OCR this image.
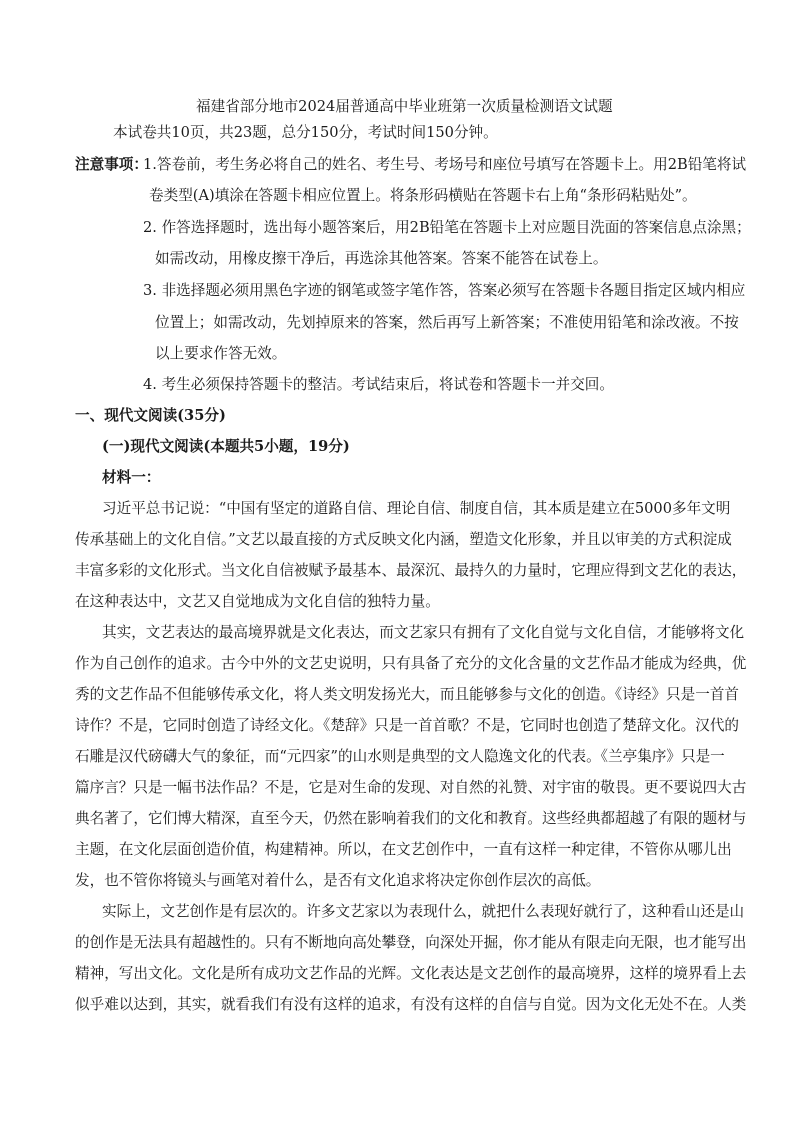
福建省部分地市2024届普通高中毕业班第一次质量检测语文试题
本试卷共10页，共23题，总分150分，考试时间150分钟。
注意事项：
1.答卷前，考生务必将自己的姓名、考生号、考场号和座位号填写在答题卡上。用2B铅笔将试
卷类型(A)填涂在答题卡相应位置上。将条形码横贴在答题卡右上角“条形码粘贴处”。
2. 作答选择题时，选出每小题答案后，用2B铅笔在答题卡上对应题目洗面的答案信息点涂黑；
如需改动，用橡皮擦干净后，再选涂其他答案。答案不能答在试卷上。
3. 非选择题必须用黑色字迹的钢笔或签字笔作答，答案必须写在答题卡各题目指定区域内相应
位置上；如需改动，先划掉原来的答案，然后再写上新答案；不准使用铅笔和涂改液。不按
以上要求作答无效。
4. 考生必须保持答题卡的整洁。考试结束后，将试卷和答题卡一并交回。
一、现代文阅读(35分)
(一)现代文阅读(本题共5小题，19分)
材料一：
习近平总书记说：“中国有坚定的道路自信、理论自信、制度自信，其本质是建立在5000多年文明
传承基础上的文化自信。”文艺以最直接的方式反映文化内涵，塑造文化形象，并且以审美的方式积淀成
丰富多彩的文化形式。当文化自信被赋予最基本、最深沉、最持久的力量时，它理应得到文艺化的表达，
在这种表达中，文艺又自觉地成为文化自信的独特力量。
其实，文艺表达的最高境界就是文化表达，而文艺家只有拥有了文化自觉与文化自信，才能够将文化
作为自己创作的追求。古今中外的文艺史说明，只有具备了充分的文化含量的文艺作品才能成为经典，优
秀的文艺作品不但能够传承文化，将人类文明发扬光大，而且能够参与文化的创造。《诗经》只是一首首
诗作？不是，它同时创造了诗经文化。《楚辞》只是一首首歌？不是，它同时也创造了楚辞文化。汉代的
石雕是汉代磅礴大气的象征，而“元四家”的山水则是典型的文人隐逸文化的代表。《兰亭集序》只是一
篇序言？只是一幅书法作品？不是，它是对生命的发现、对自然的礼赞、对宇宙的敬畏。更不要说四大古
典名著了，它们博大精深，直至今天，仍然在影响着我们的文化和教育。这些经典都超越了有限的题材与
主题，在文化层面创造价值，构建精神。所以，在文艺创作中，一直有这样一种定律，不管你从哪儿出
发，也不管你将镜头与画笔对着什么，是否有文化追求将决定你创作层次的高低。
实际上，文艺创作是有层次的。许多文艺家以为表现什么，就把什么表现好就行了，这种看山还是山
的创作是无法具有超越性的。只有不断地向高处攀登，向深处开掘，你才能从有限走向无限，也才能写出
精神，写出文化。文化是所有成功文艺作品的光辉。文化表达是文艺创作的最高境界，这样的境界看上去
似乎难以达到，其实，就看我们有没有这样的追求，有没有这样的自信与自觉。因为文化无处不在。人类
